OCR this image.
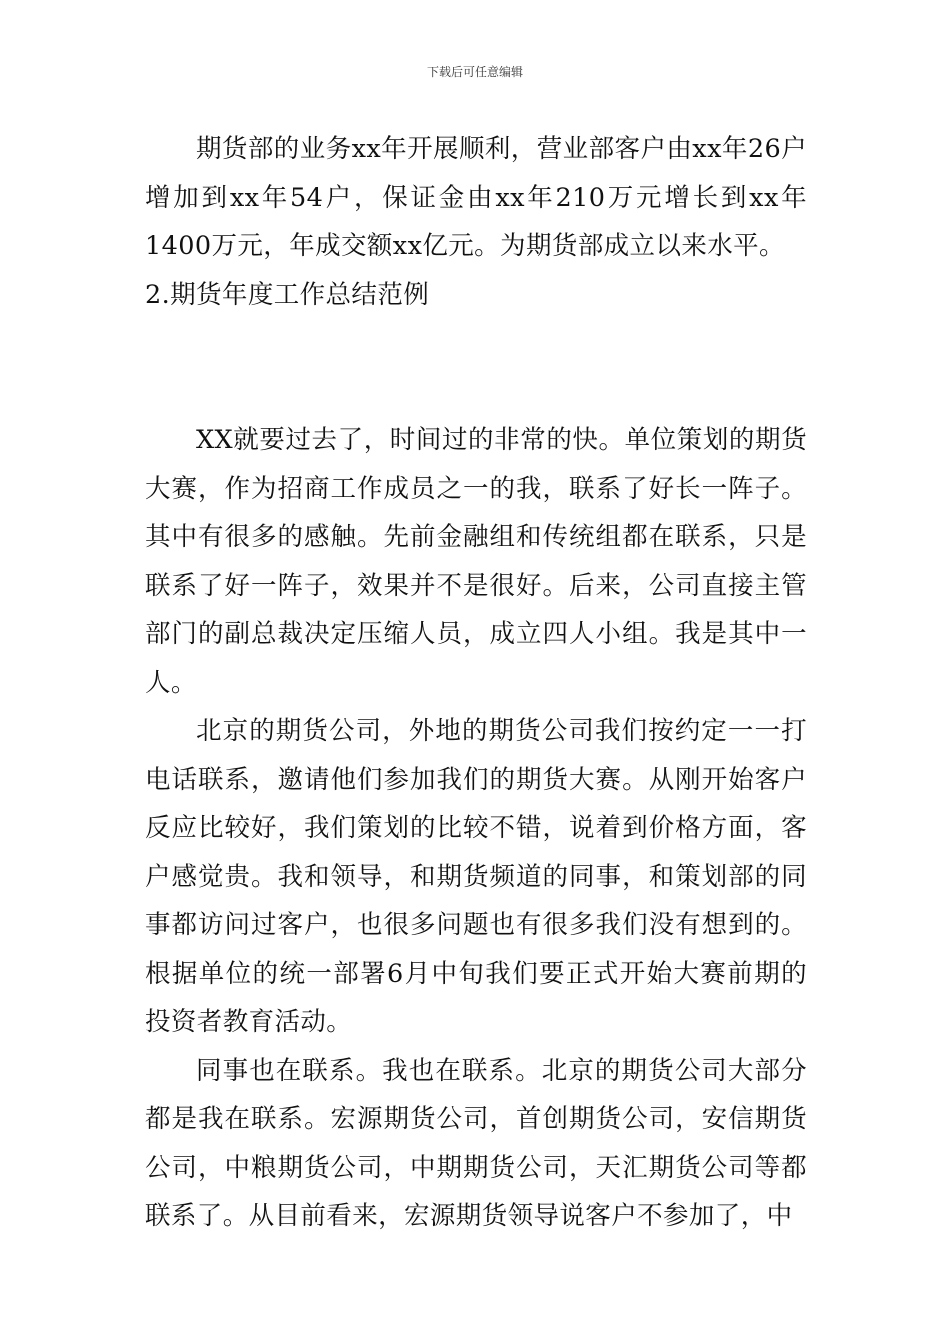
下载后可任意编辑

期货部的业务xx年开展顺利，营业部客户由xx年26户增加到xx年54户，保证金由xx年210万元增长到xx年1400万元，年成交额xx亿元。为期货部成立以来水平。

2.期货年度工作总结范例

XX就要过去了，时间过的非常的快。单位策划的期货大赛，作为招商工作成员之一的我，联系了好长一阵子。其中有很多的感触。先前金融组和传统组都在联系，只是联系了好一阵子，效果并不是很好。后来，公司直接主管部门的副总裁决定压缩人员，成立四人小组。我是其中一人。

北京的期货公司，外地的期货公司我们按约定一一打电话联系，邀请他们参加我们的期货大赛。从刚开始客户反应比较好，我们策划的比较不错，说着到价格方面，客户感觉贵。我和领导，和期货频道的同事，和策划部的同事都访问过客户，也很多问题也有很多我们没有想到的。根据单位的统一部署6月中旬我们要正式开始大赛前期的投资者教育活动。

同事也在联系。我也在联系。北京的期货公司大部分都是我在联系。宏源期货公司，首创期货公司，安信期货公司，中粮期货公司，中期期货公司，天汇期货公司等都联系了。从目前看来，宏源期货领导说客户不参加了，中
